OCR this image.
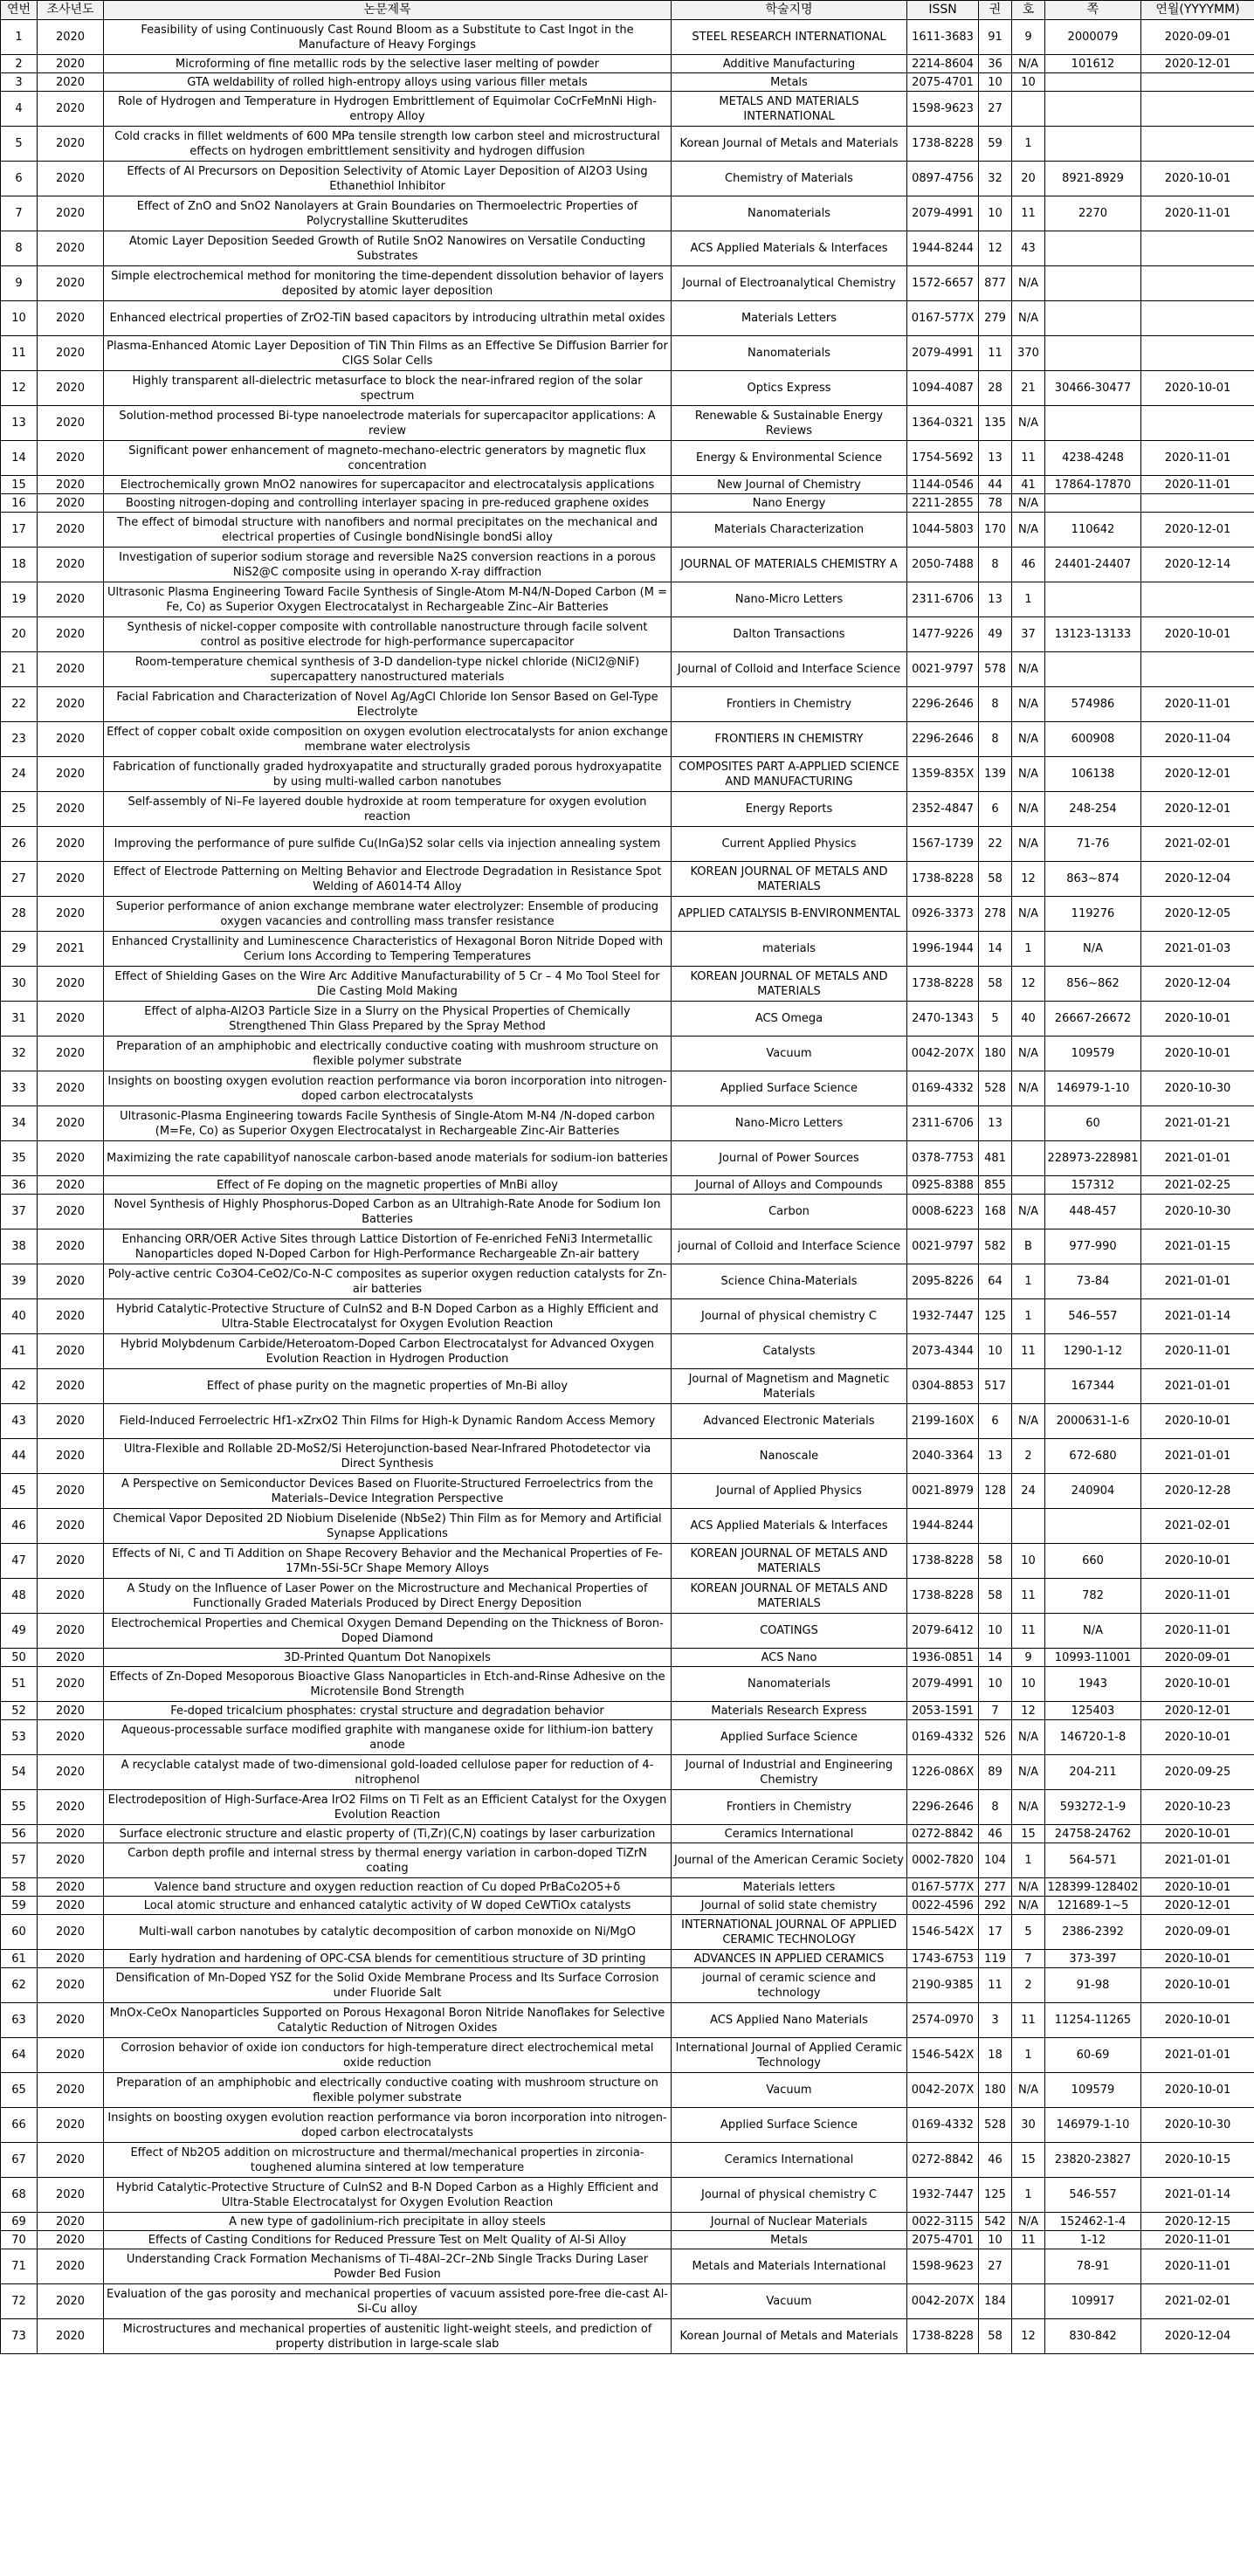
연번	조사년도	논문제목	학술지명	ISSN	권	호	쪽	연월(YYYYMM)
1	2020	Feasibility of using Continuously Cast Round Bloom as a Substitute to Cast Ingot in the Manufacture of Heavy Forgings	STEEL RESEARCH INTERNATIONAL	1611-3683	91	9	2000079	2020-09-01
2	2020	Microforming of fine metallic rods by the selective laser melting of powder	Additive Manufacturing	2214-8604	36	N/A	101612	2020-12-01
3	2020	GTA weldability of rolled high-entropy alloys using various filler metals	Metals	2075-4701	10	10		
4	2020	Role of Hydrogen and Temperature in Hydrogen Embrittlement of Equimolar CoCrFeMnNi High-entropy Alloy	METALS AND MATERIALS INTERNATIONAL	1598-9623	27			
5	2020	Cold cracks in fillet weldments of 600 MPa tensile strength low carbon steel and microstructural effects on hydrogen embrittlement sensitivity and hydrogen diffusion	Korean Journal of Metals and Materials	1738-8228	59	1		
6	2020	Effects of Al Precursors on Deposition Selectivity of Atomic Layer Deposition of Al2O3 Using Ethanethiol Inhibitor	Chemistry of Materials	0897-4756	32	20	8921-8929	2020-10-01
7	2020	Effect of ZnO and SnO2 Nanolayers at Grain Boundaries on Thermoelectric Properties of Polycrystalline Skutterudites	Nanomaterials	2079-4991	10	11	2270	2020-11-01
8	2020	Atomic Layer Deposition Seeded Growth of Rutile SnO2 Nanowires on Versatile Conducting Substrates	ACS Applied Materials & Interfaces	1944-8244	12	43		
9	2020	Simple electrochemical method for monitoring the time-dependent dissolution behavior of layers deposited by atomic layer deposition	Journal of Electroanalytical Chemistry	1572-6657	877	N/A		
10	2020	Enhanced electrical properties of ZrO2-TiN based capacitors by introducing ultrathin metal oxides	Materials Letters	0167-577X	279	N/A		
11	2020	Plasma-Enhanced Atomic Layer Deposition of TiN Thin Films as an Effective Se Diffusion Barrier for CIGS Solar Cells	Nanomaterials	2079-4991	11	370		
12	2020	Highly transparent all-dielectric metasurface to block the near-infrared region of the solar spectrum	Optics Express	1094-4087	28	21	30466-30477	2020-10-01
13	2020	Solution-method processed Bi-type nanoelectrode materials for supercapacitor applications: A review	Renewable & Sustainable Energy Reviews	1364-0321	135	N/A		
14	2020	Significant power enhancement of magneto-mechano-electric generators by magnetic flux concentration	Energy & Environmental Science	1754-5692	13	11	4238-4248	2020-11-01
15	2020	Electrochemically grown MnO2 nanowires for supercapacitor and electrocatalysis applications	New Journal of Chemistry	1144-0546	44	41	17864-17870	2020-11-01
16	2020	Boosting nitrogen-doping and controlling interlayer spacing in pre-reduced graphene oxides	Nano Energy	2211-2855	78	N/A		
17	2020	The effect of bimodal structure with nanofibers and normal precipitates on the mechanical and electrical properties of Cusingle bondNisingle bondSi alloy	Materials Characterization	1044-5803	170	N/A	110642	2020-12-01
18	2020	Investigation of superior sodium storage and reversible Na2S conversion reactions in a porous NiS2@C composite using in operando X-ray diffraction	JOURNAL OF MATERIALS CHEMISTRY A	2050-7488	8	46	24401-24407	2020-12-14
19	2020	Ultrasonic Plasma Engineering Toward Facile Synthesis of Single-Atom M-N4/N-Doped Carbon (M = Fe, Co) as Superior Oxygen Electrocatalyst in Rechargeable Zinc–Air Batteries	Nano-Micro Letters	2311-6706	13	1		
20	2020	Synthesis of nickel-copper composite with controllable nanostructure through facile solvent control as positive electrode for high-performance supercapacitor	Dalton Transactions	1477-9226	49	37	13123-13133	2020-10-01
21	2020	Room-temperature chemical synthesis of 3-D dandelion-type nickel chloride (NiCl2@NiF) supercapattery nanostructured materials	Journal of Colloid and Interface Science	0021-9797	578	N/A		
22	2020	Facial Fabrication and Characterization of Novel Ag/AgCl Chloride Ion Sensor Based on Gel-Type Electrolyte	Frontiers in Chemistry	2296-2646	8	N/A	574986	2020-11-01
23	2020	Effect of copper cobalt oxide composition on oxygen evolution electrocatalysts for anion exchange membrane water electrolysis	FRONTIERS IN CHEMISTRY	2296-2646	8	N/A	600908	2020-11-04
24	2020	Fabrication of functionally graded hydroxyapatite and structurally graded porous hydroxyapatite by using multi-walled carbon nanotubes	COMPOSITES PART A-APPLIED SCIENCE AND MANUFACTURING	1359-835X	139	N/A	106138	2020-12-01
25	2020	Self-assembly of Ni–Fe layered double hydroxide at room temperature for oxygen evolution reaction	Energy Reports	2352-4847	6	N/A	248-254	2020-12-01
26	2020	Improving the performance of pure sulfide Cu(InGa)S2 solar cells via injection annealing system	Current Applied Physics	1567-1739	22	N/A	71-76	2021-02-01
27	2020	Effect of Electrode Patterning on Melting Behavior and Electrode Degradation in Resistance Spot Welding of A6014-T4 Alloy	KOREAN JOURNAL OF METALS AND MATERIALS	1738-8228	58	12	863~874	2020-12-04
28	2020	Superior performance of anion exchange membrane water electrolyzer: Ensemble of producing oxygen vacancies and controlling mass transfer resistance	APPLIED CATALYSIS B-ENVIRONMENTAL	0926-3373	278	N/A	119276	2020-12-05
29	2021	Enhanced Crystallinity and Luminescence Characteristics of Hexagonal Boron Nitride Doped with Cerium Ions According to Tempering Temperatures	materials	1996-1944	14	1	N/A	2021-01-03
30	2020	Effect of Shielding Gases on the Wire Arc Additive Manufacturability of 5 Cr – 4 Mo Tool Steel for Die Casting Mold Making	KOREAN JOURNAL OF METALS AND MATERIALS	1738-8228	58	12	856~862	2020-12-04
31	2020	Effect of alpha-Al2O3 Particle Size in a Slurry on the Physical Properties of Chemically Strengthened Thin Glass Prepared by the Spray Method	ACS Omega	2470-1343	5	40	26667-26672	2020-10-01
32	2020	Preparation of an amphiphobic and electrically conductive coating with mushroom structure on flexible polymer substrate	Vacuum	0042-207X	180	N/A	109579	2020-10-01
33	2020	Insights on boosting oxygen evolution reaction performance via boron incorporation into nitrogen-doped carbon electrocatalysts	Applied Surface Science	0169-4332	528	N/A	146979-1-10	2020-10-30
34	2020	Ultrasonic-Plasma Engineering towards Facile Synthesis of Single-Atom M-N4 /N-doped carbon (M=Fe, Co) as Superior Oxygen Electrocatalyst in Rechargeable Zinc-Air Batteries	Nano-Micro Letters	2311-6706	13		60	2021-01-21
35	2020	Maximizing the rate capabilityof nanoscale carbon-based anode materials for sodium-ion batteries	Journal of Power Sources	0378-7753	481		228973-228981	2021-01-01
36	2020	Effect of Fe doping on the magnetic properties of MnBi alloy	Journal of Alloys and Compounds	0925-8388	855		157312	2021-02-25
37	2020	Novel Synthesis of Highly Phosphorus-Doped Carbon as an Ultrahigh-Rate Anode for Sodium Ion Batteries	Carbon	0008-6223	168	N/A	448-457	2020-10-30
38	2020	Enhancing ORR/OER Active Sites through Lattice Distortion of Fe-enriched FeNi3 Intermetallic Nanoparticles doped N-Doped Carbon for High-Performance Rechargeable Zn-air battery	journal of Colloid and Interface Science	0021-9797	582	B	977-990	2021-01-15
39	2020	Poly-active centric Co3O4-CeO2/Co-N-C composites as superior oxygen reduction catalysts for Zn-air batteries	Science China-Materials	2095-8226	64	1	73-84	2021-01-01
40	2020	Hybrid Catalytic-Protective Structure of CuInS2 and B-N Doped Carbon as a Highly Efficient and Ultra-Stable Electrocatalyst for Oxygen Evolution Reaction	Journal of physical chemistry C	1932-7447	125	1	546–557	2021-01-14
41	2020	Hybrid Molybdenum Carbide/Heteroatom-Doped Carbon Electrocatalyst for Advanced Oxygen Evolution Reaction in Hydrogen Production	Catalysts	2073-4344	10	11	1290-1-12	2020-11-01
42	2020	Effect of phase purity on the magnetic properties of Mn-Bi alloy	Journal of Magnetism and Magnetic Materials	0304-8853	517		167344	2021-01-01
43	2020	Field-Induced Ferroelectric Hf1-xZrxO2 Thin Films for High-k Dynamic Random Access Memory	Advanced Electronic Materials	2199-160X	6	N/A	2000631-1-6	2020-10-01
44	2020	Ultra-Flexible and Rollable 2D-MoS2/Si Heterojunction-based Near-Infrared Photodetector via Direct Synthesis	Nanoscale	2040-3364	13	2	672-680	2021-01-01
45	2020	A Perspective on Semiconductor Devices Based on Fluorite-Structured Ferroelectrics from the Materials–Device Integration Perspective	Journal of Applied Physics	0021-8979	128	24	240904	2020-12-28
46	2020	Chemical Vapor Deposited 2D Niobium Diselenide (NbSe2) Thin Film as for Memory and Artificial Synapse Applications	ACS Applied Materials & Interfaces	1944-8244				2021-02-01
47	2020	Effects of Ni, C and Ti Addition on Shape Recovery Behavior and the Mechanical Properties of Fe-17Mn-5Si-5Cr Shape Memory Alloys	KOREAN JOURNAL OF METALS AND MATERIALS	1738-8228	58	10	660	2020-10-01
48	2020	A Study on the Influence of Laser Power on the Microstructure and Mechanical Properties of Functionally Graded Materials Produced by Direct Energy Deposition	KOREAN JOURNAL OF METALS AND MATERIALS	1738-8228	58	11	782	2020-11-01
49	2020	Electrochemical Properties and Chemical Oxygen Demand Depending on the Thickness of Boron-Doped Diamond	COATINGS	2079-6412	10	11	N/A	2020-11-01
50	2020	3D-Printed Quantum Dot Nanopixels	ACS Nano	1936-0851	14	9	10993-11001	2020-09-01
51	2020	Effects of Zn-Doped Mesoporous Bioactive Glass Nanoparticles in Etch-and-Rinse Adhesive on the Microtensile Bond Strength	Nanomaterials	2079-4991	10	10	1943	2020-10-01
52	2020	Fe-doped tricalcium phosphates: crystal structure and degradation behavior	Materials Research Express	2053-1591	7	12	125403	2020-12-01
53	2020	Aqueous-processable surface modified graphite with manganese oxide for lithium-ion battery anode	Applied Surface Science	0169-4332	526	N/A	146720-1-8	2020-10-01
54	2020	A recyclable catalyst made of two-dimensional gold-loaded cellulose paper for reduction of 4-nitrophenol	Journal of Industrial and Engineering Chemistry	1226-086X	89	N/A	204-211	2020-09-25
55	2020	Electrodeposition of High-Surface-Area IrO2 Films on Ti Felt as an Efficient Catalyst for the Oxygen Evolution Reaction	Frontiers in Chemistry	2296-2646	8	N/A	593272-1-9	2020-10-23
56	2020	Surface electronic structure and elastic property of (Ti,Zr)(C,N) coatings by laser carburization	Ceramics International	0272-8842	46	15	24758-24762	2020-10-01
57	2020	Carbon depth profile and internal stress by thermal energy variation in carbon-doped TiZrN coating	Journal of the American Ceramic Society	0002-7820	104	1	564-571	2021-01-01
58	2020	Valence band structure and oxygen reduction reaction of Cu doped PrBaCo2O5+δ	Materials letters	0167-577X	277	N/A	128399-128402	2020-10-01
59	2020	Local atomic structure and enhanced catalytic activity of W doped CeWTiOx catalysts	Journal of solid state chemistry	0022-4596	292	N/A	121689-1~5	2020-12-01
60	2020	Multi-wall carbon nanotubes by catalytic decomposition of carbon monoxide on Ni/MgO	INTERNATIONAL JOURNAL OF APPLIED CERAMIC TECHNOLOGY	1546-542X	17	5	2386-2392	2020-09-01
61	2020	Early hydration and hardening of OPC-CSA blends for cementitious structure of 3D printing	ADVANCES IN APPLIED CERAMICS	1743-6753	119	7	373-397	2020-10-01
62	2020	Densification of Mn-Doped YSZ for the Solid Oxide Membrane Process and Its Surface Corrosion under Fluoride Salt	journal of ceramic science and technology	2190-9385	11	2	91-98	2020-10-01
63	2020	MnOx-CeOx Nanoparticles Supported on Porous Hexagonal Boron Nitride Nanoflakes for Selective Catalytic Reduction of Nitrogen Oxides	ACS Applied Nano Materials	2574-0970	3	11	11254-11265	2020-10-01
64	2020	Corrosion behavior of oxide ion conductors for high-temperature direct electrochemical metal oxide reduction	International Journal of Applied Ceramic Technology	1546-542X	18	1	60-69	2021-01-01
65	2020	Preparation of an amphiphobic and electrically conductive coating with mushroom structure on flexible polymer substrate	Vacuum	0042-207X	180	N/A	109579	2020-10-01
66	2020	Insights on boosting oxygen evolution reaction performance via boron incorporation into nitrogen-doped carbon electrocatalysts	Applied Surface Science	0169-4332	528	30	146979-1-10	2020-10-30
67	2020	Effect of Nb2O5 addition on microstructure and thermal/mechanical properties in zirconia-toughened alumina sintered at low temperature	Ceramics International	0272-8842	46	15	23820-23827	2020-10-15
68	2020	Hybrid Catalytic-Protective Structure of CuInS2 and B-N Doped Carbon as a Highly Efficient and Ultra-Stable Electrocatalyst for Oxygen Evolution Reaction	Journal of physical chemistry C	1932-7447	125	1	546-557	2021-01-14
69	2020	A new type of gadolinium-rich precipitate in alloy steels	Journal of Nuclear Materials	0022-3115	542	N/A	152462-1-4	2020-12-15
70	2020	Effects of Casting Conditions for Reduced Pressure Test on Melt Quality of Al-Si Alloy	Metals	2075-4701	10	11	1-12	2020-11-01
71	2020	Understanding Crack Formation Mechanisms of Ti–48Al–2Cr–2Nb Single Tracks During Laser Powder Bed Fusion	Metals and Materials International	1598-9623	27		78-91	2020-11-01
72	2020	Evaluation of the gas porosity and mechanical properties of vacuum assisted pore-free die-cast Al-Si-Cu alloy	Vacuum	0042-207X	184		109917	2021-02-01
73	2020	Microstructures and mechanical properties of austenitic light-weight steels, and prediction of property distribution in large-scale slab	Korean Journal of Metals and Materials	1738-8228	58	12	830-842	2020-12-04
